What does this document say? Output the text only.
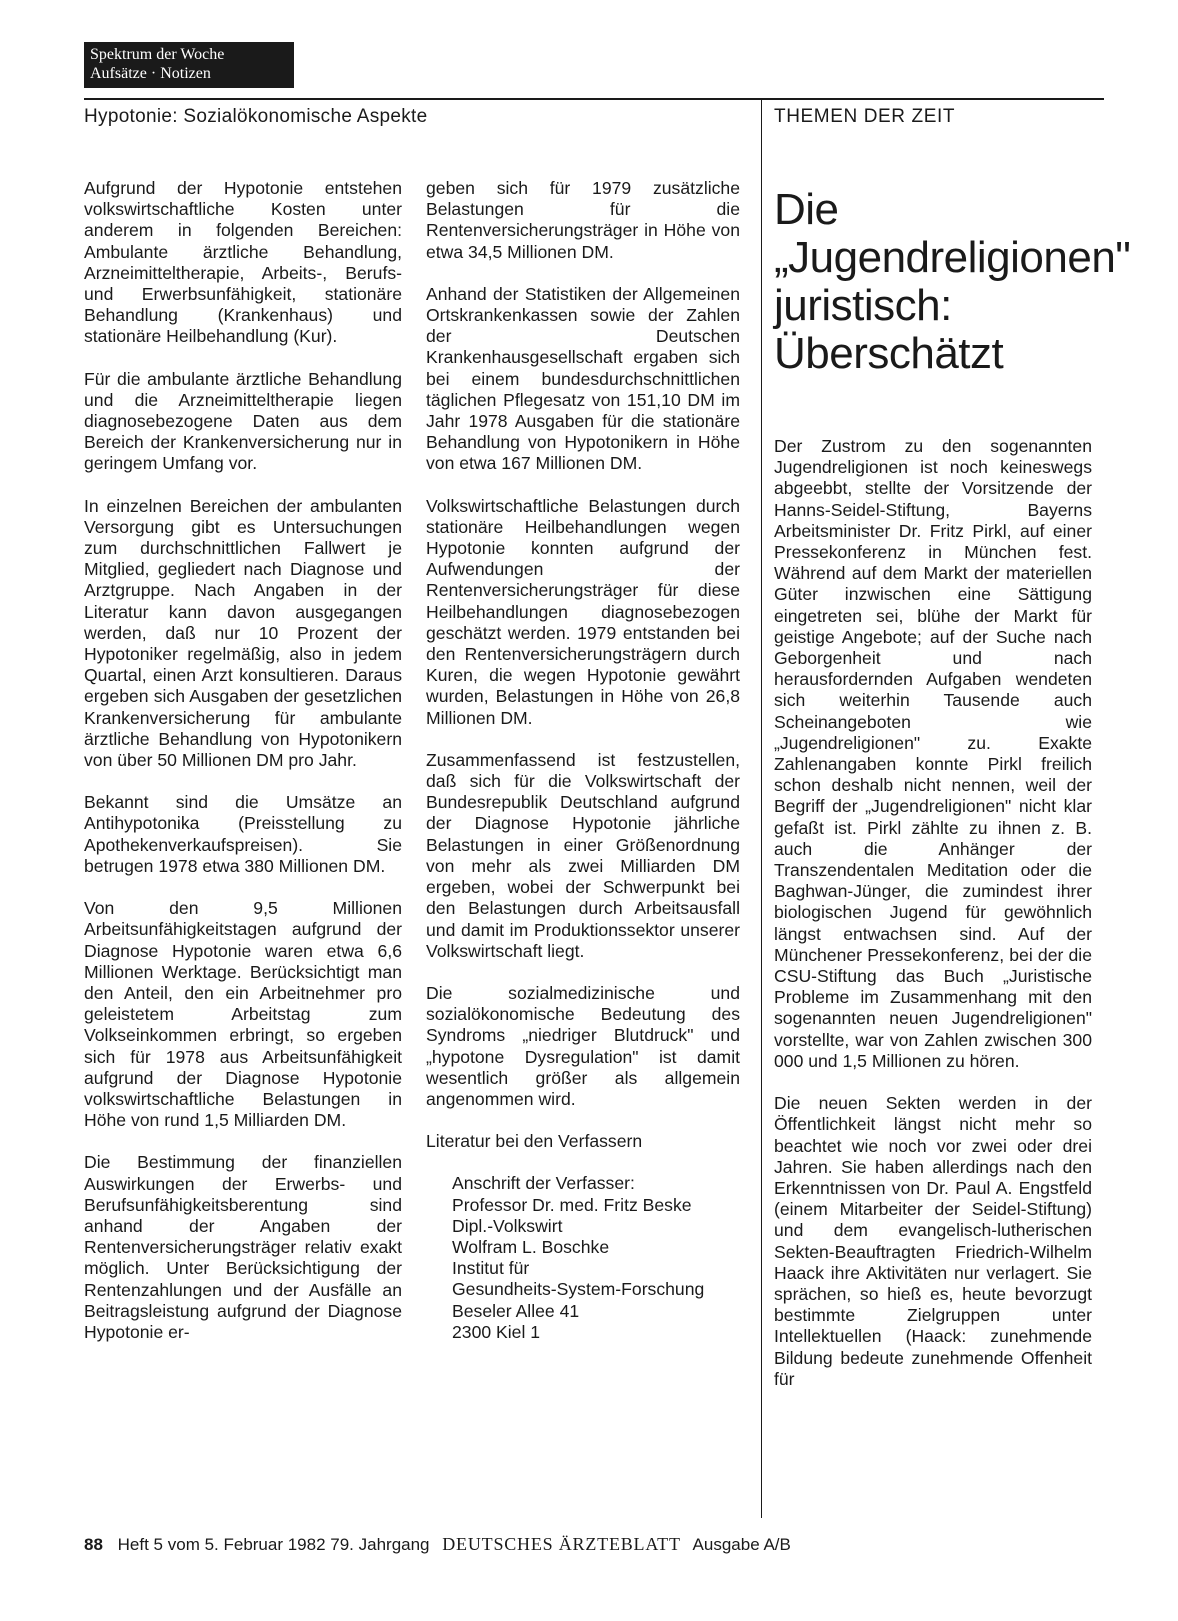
Spektrum der Woche
Aufsätze · Notizen
Hypotonie: Sozialökonomische Aspekte	THEMEN DER ZEIT

Aufgrund der Hypotonie entstehen volkswirtschaftliche Kosten unter anderem in folgenden Bereichen: Ambulante ärztliche Behandlung, Arzneimitteltherapie, Arbeits-, Berufs- und Erwerbsunfähigkeit, stationäre Behandlung (Krankenhaus) und stationäre Heilbehandlung (Kur).

Für die ambulante ärztliche Behandlung und die Arzneimitteltherapie liegen diagnosebezogene Daten aus dem Bereich der Krankenversicherung nur in geringem Umfang vor.

In einzelnen Bereichen der ambulanten Versorgung gibt es Untersuchungen zum durchschnittlichen Fallwert je Mitglied, gegliedert nach Diagnose und Arztgruppe. Nach Angaben in der Literatur kann davon ausgegangen werden, daß nur 10 Prozent der Hypotoniker regelmäßig, also in jedem Quartal, einen Arzt konsultieren. Daraus ergeben sich Ausgaben der gesetzlichen Krankenversicherung für ambulante ärztliche Behandlung von Hypotonikern von über 50 Millionen DM pro Jahr.

Bekannt sind die Umsätze an Antihypotonika (Preisstellung zu Apothekenverkaufspreisen). Sie betrugen 1978 etwa 380 Millionen DM.

Von den 9,5 Millionen Arbeitsunfähigkeitstagen aufgrund der Diagnose Hypotonie waren etwa 6,6 Millionen Werktage. Berücksichtigt man den Anteil, den ein Arbeitnehmer pro geleistetem Arbeitstag zum Volkseinkommen erbringt, so ergeben sich für 1978 aus Arbeitsunfähigkeit aufgrund der Diagnose Hypotonie volkswirtschaftliche Belastungen in Höhe von rund 1,5 Milliarden DM.

Die Bestimmung der finanziellen Auswirkungen der Erwerbs- und Berufsunfähigkeitsberentung sind anhand der Angaben der Rentenversicherungsträger relativ exakt möglich. Unter Berücksichtigung der Rentenzahlungen und der Ausfälle an Beitragsleistung aufgrund der Diagnose Hypotonie er-

geben sich für 1979 zusätzliche Belastungen für die Rentenversicherungsträger in Höhe von etwa 34,5 Millionen DM.

Anhand der Statistiken der Allgemeinen Ortskrankenkassen sowie der Zahlen der Deutschen Krankenhausgesellschaft ergaben sich bei einem bundesdurchschnittlichen täglichen Pflegesatz von 151,10 DM im Jahr 1978 Ausgaben für die stationäre Behandlung von Hypotonikern in Höhe von etwa 167 Millionen DM.

Volkswirtschaftliche Belastungen durch stationäre Heilbehandlungen wegen Hypotonie konnten aufgrund der Aufwendungen der Rentenversicherungsträger für diese Heilbehandlungen diagnosebezogen geschätzt werden. 1979 entstanden bei den Rentenversicherungsträgern durch Kuren, die wegen Hypotonie gewährt wurden, Belastungen in Höhe von 26,8 Millionen DM.

Zusammenfassend ist festzustellen, daß sich für die Volkswirtschaft der Bundesrepublik Deutschland aufgrund der Diagnose Hypotonie jährliche Belastungen in einer Größenordnung von mehr als zwei Milliarden DM ergeben, wobei der Schwerpunkt bei den Belastungen durch Arbeitsausfall und damit im Produktionssektor unserer Volkswirtschaft liegt.

Die sozialmedizinische und sozialökonomische Bedeutung des Syndroms „niedriger Blutdruck" und „hypotone Dysregulation" ist damit wesentlich größer als allgemein angenommen wird.

Literatur bei den Verfassern

Anschrift der Verfasser:
Professor Dr. med. Fritz Beske
Dipl.-Volkswirt
Wolfram L. Boschke
Institut für
Gesundheits-System-Forschung
Beseler Allee 41
2300 Kiel 1

Die „Jugendreligionen" juristisch: Überschätzt

Der Zustrom zu den sogenannten Jugendreligionen ist noch keineswegs abgeebbt, stellte der Vorsitzende der Hanns-Seidel-Stiftung, Bayerns Arbeitsminister Dr. Fritz Pirkl, auf einer Pressekonferenz in München fest. Während auf dem Markt der materiellen Güter inzwischen eine Sättigung eingetreten sei, blühe der Markt für geistige Angebote; auf der Suche nach Geborgenheit und nach herausfordernden Aufgaben wendeten sich weiterhin Tausende auch Scheinangeboten wie „Jugendreligionen" zu. Exakte Zahlenangaben konnte Pirkl freilich schon deshalb nicht nennen, weil der Begriff der „Jugendreligionen" nicht klar gefaßt ist. Pirkl zählte zu ihnen z. B. auch die Anhänger der Transzendentalen Meditation oder die Baghwan-Jünger, die zumindest ihrer biologischen Jugend für gewöhnlich längst entwachsen sind. Auf der Münchener Pressekonferenz, bei der die CSU-Stiftung das Buch „Juristische Probleme im Zusammenhang mit den sogenannten neuen Jugendreligionen" vorstellte, war von Zahlen zwischen 300 000 und 1,5 Millionen zu hören.

Die neuen Sekten werden in der Öffentlichkeit längst nicht mehr so beachtet wie noch vor zwei oder drei Jahren. Sie haben allerdings nach den Erkenntnissen von Dr. Paul A. Engstfeld (einem Mitarbeiter der Seidel-Stiftung) und dem evangelisch-lutherischen Sekten-Beauftragten Friedrich-Wilhelm Haack ihre Aktivitäten nur verlagert. Sie sprächen, so hieß es, heute bevorzugt bestimmte Zielgruppen unter Intellektuellen (Haack: zunehmende Bildung bedeute zunehmende Offenheit für

88 Heft 5 vom 5. Februar 1982 79. Jahrgang DEUTSCHES ÄRZTEBLATT Ausgabe A/B
